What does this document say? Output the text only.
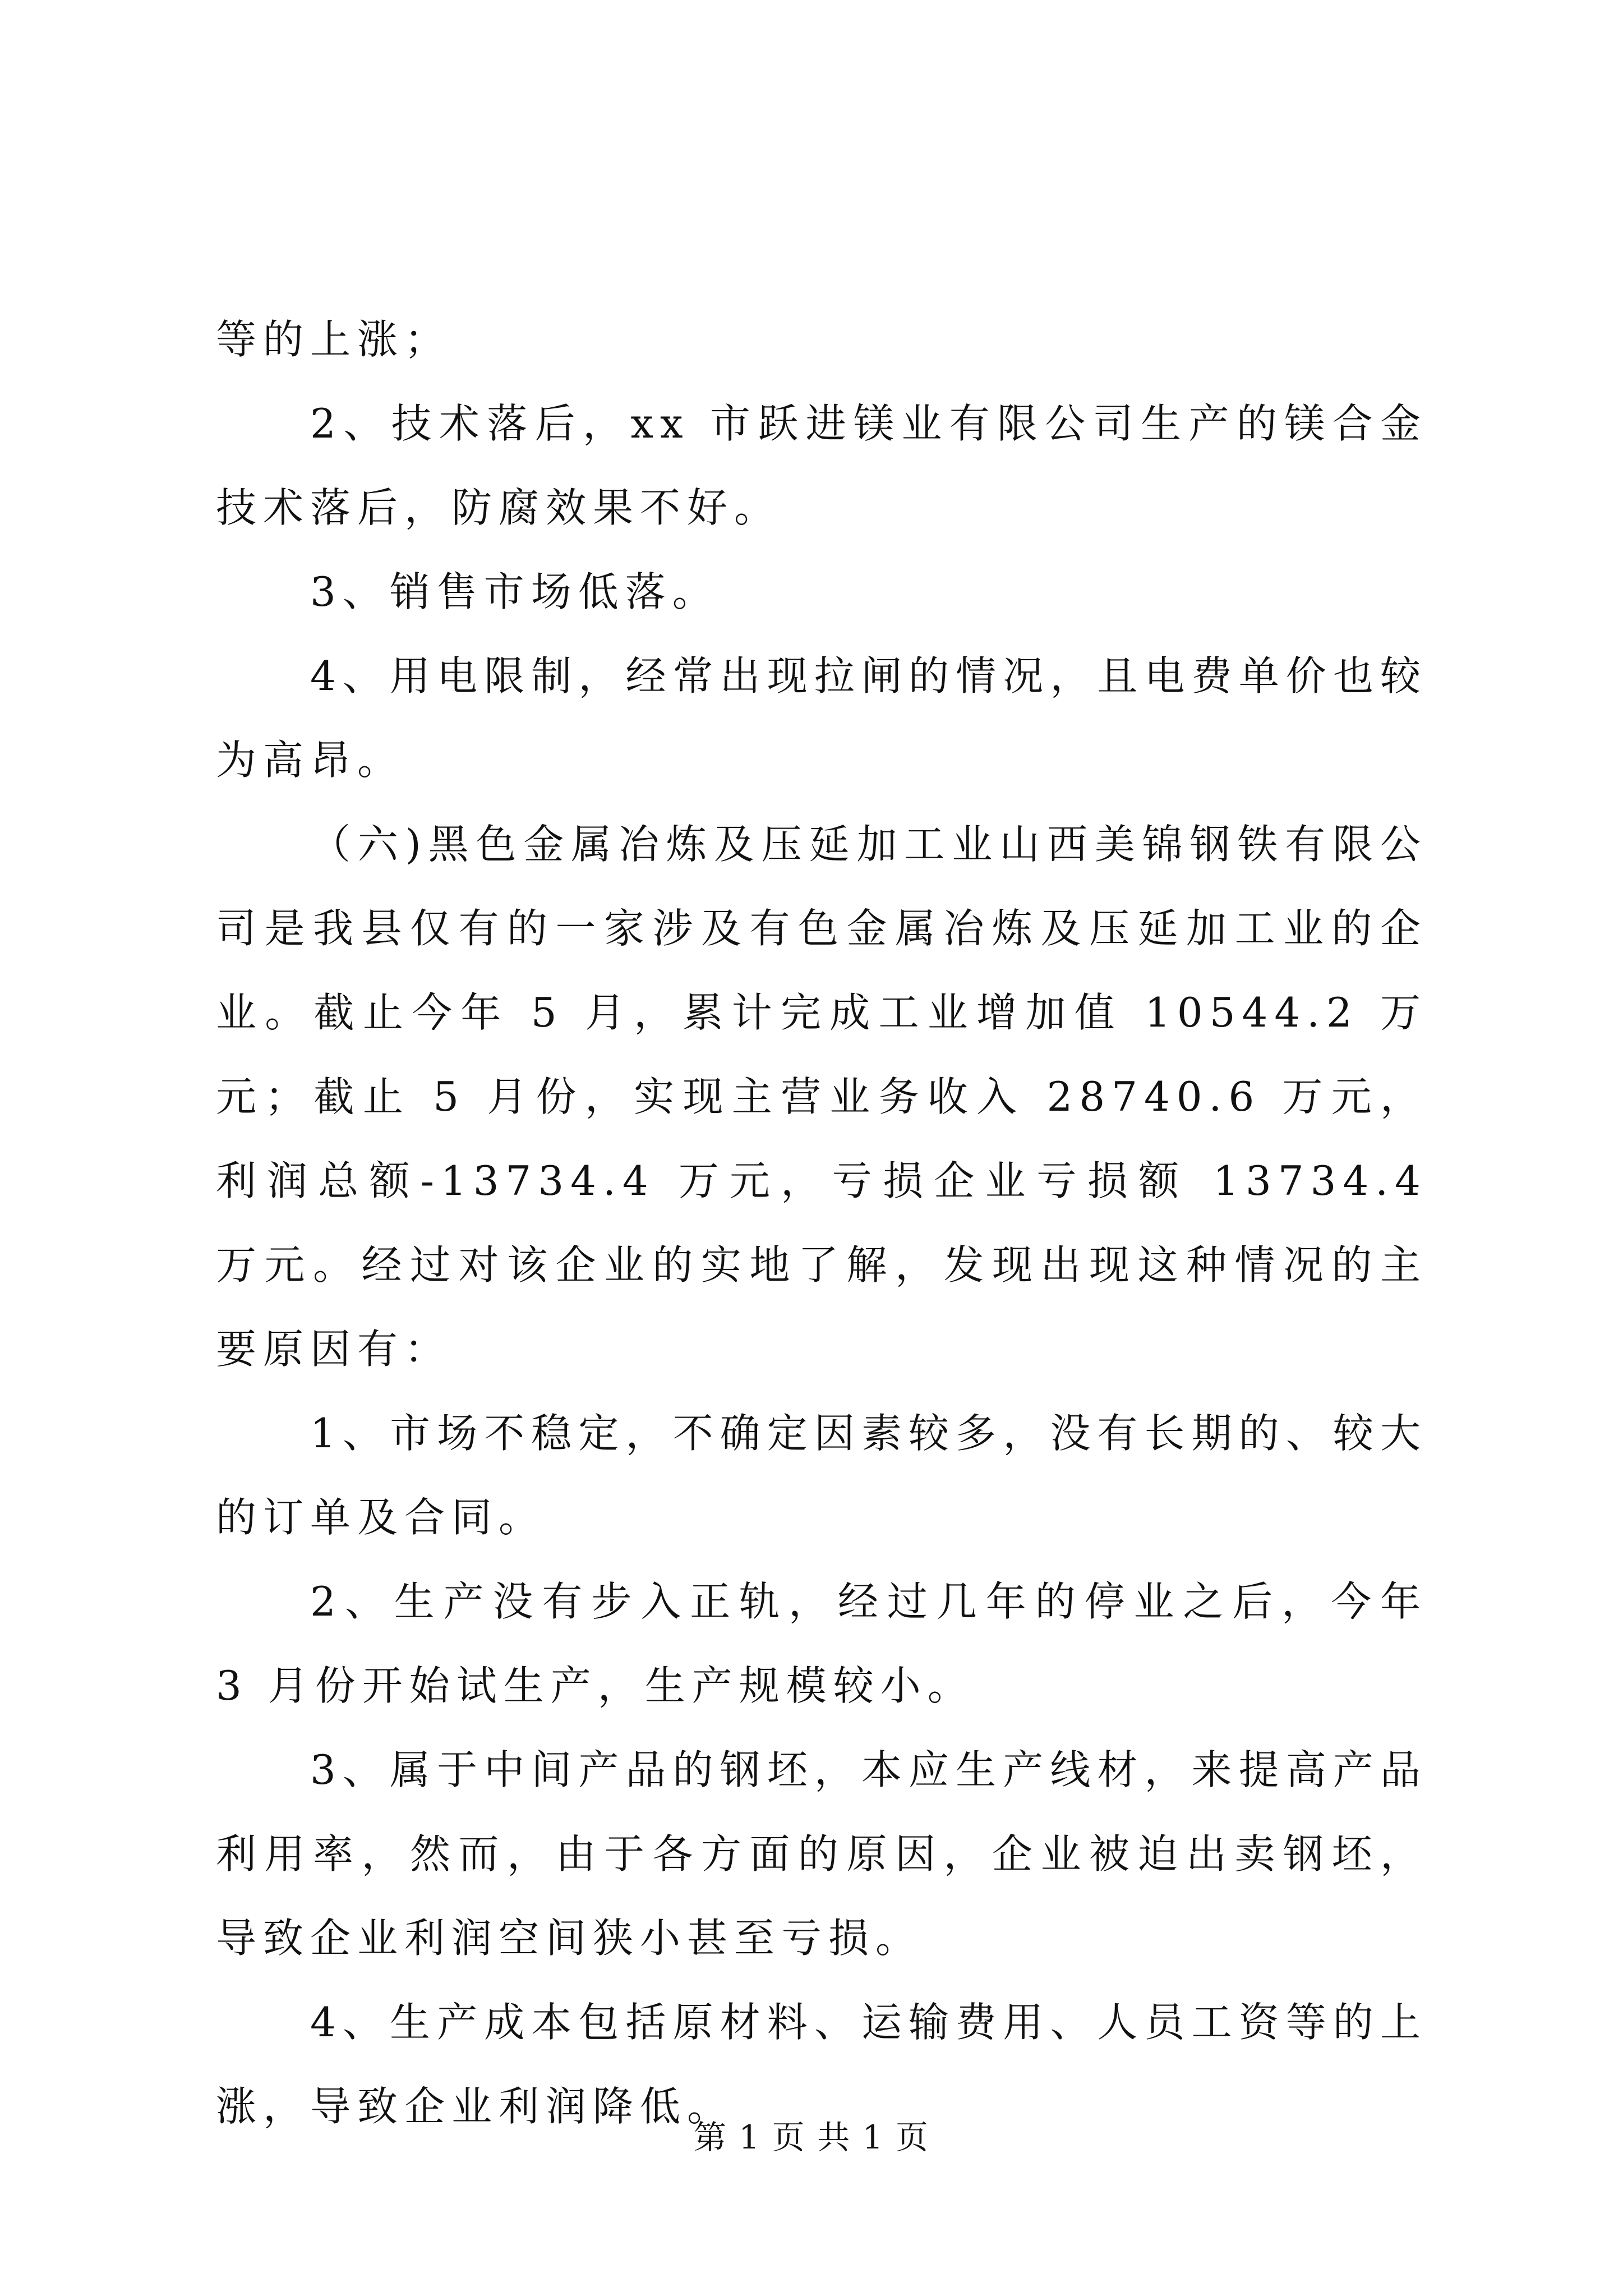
等的上涨；

2、技术落后，xx 市跃进镁业有限公司生产的镁合金技术落后，防腐效果不好。

3、销售市场低落。

4、用电限制，经常出现拉闸的情况，且电费单价也较为高昂。

（六)黑色金属冶炼及压延加工业山西美锦钢铁有限公司是我县仅有的一家涉及有色金属冶炼及压延加工业的企业。截止今年 5 月，累计完成工业增加值 10544.2 万元；截止 5 月份，实现主营业务收入 28740.6 万元，利润总额-13734.4 万元，亏损企业亏损额 13734.4 万元。经过对该企业的实地了解，发现出现这种情况的主要原因有：

1、市场不稳定，不确定因素较多，没有长期的、较大的订单及合同。

2、生产没有步入正轨，经过几年的停业之后，今年 3 月份开始试生产，生产规模较小。

3、属于中间产品的钢坯，本应生产线材，来提高产品利用率，然而，由于各方面的原因，企业被迫出卖钢坯，导致企业利润空间狭小甚至亏损。

4、生产成本包括原材料、运输费用、人员工资等的上涨，导致企业利润降低。

第 1 页 共 1 页
